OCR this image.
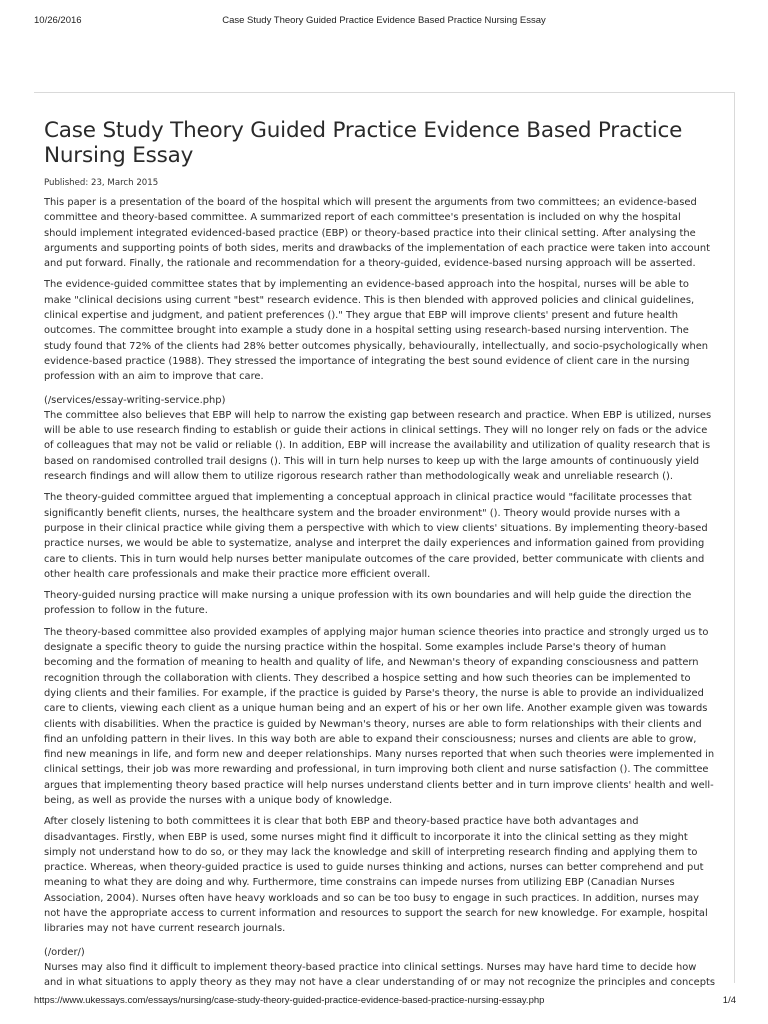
10/26/2016	Case Study Theory Guided Practice Evidence Based Practice Nursing Essay
Case Study Theory Guided Practice Evidence Based Practice Nursing Essay

Published: 23, March 2015

This paper is a presentation of the board of the hospital which will present the arguments from two committees; an evidence-based committee and theory-based committee. A summarized report of each committee's presentation is included on why the hospital should implement integrated evidenced-based practice (EBP) or theory-based practice into their clinical setting. After analysing the arguments and supporting points of both sides, merits and drawbacks of the implementation of each practice were taken into account and put forward. Finally, the rationale and recommendation for a theory-guided, evidence-based nursing approach will be asserted.

The evidence-guided committee states that by implementing an evidence-based approach into the hospital, nurses will be able to make "clinical decisions using current "best" research evidence. This is then blended with approved policies and clinical guidelines, clinical expertise and judgment, and patient preferences ()." They argue that EBP will improve clients' present and future health outcomes. The committee brought into example a study done in a hospital setting using research-based nursing intervention. The study found that 72% of the clients had 28% better outcomes physically, behaviourally, intellectually, and socio-psychologically when evidence-based practice (1988). They stressed the importance of integrating the best sound evidence of client care in the nursing profession with an aim to improve that care.

(/services/essay-writing-service.php)
The committee also believes that EBP will help to narrow the existing gap between research and practice. When EBP is utilized, nurses will be able to use research finding to establish or guide their actions in clinical settings. They will no longer rely on fads or the advice of colleagues that may not be valid or reliable (). In addition, EBP will increase the availability and utilization of quality research that is based on randomised controlled trail designs (). This will in turn help nurses to keep up with the large amounts of continuously yield research findings and will allow them to utilize rigorous research rather than methodologically weak and unreliable research ().

The theory-guided committee argued that implementing a conceptual approach in clinical practice would "facilitate processes that significantly benefit clients, nurses, the healthcare system and the broader environment" (). Theory would provide nurses with a purpose in their clinical practice while giving them a perspective with which to view clients' situations. By implementing theory-based practice nurses, we would be able to systematize, analyse and interpret the daily experiences and information gained from providing care to clients. This in turn would help nurses better manipulate outcomes of the care provided, better communicate with clients and other health care professionals and make their practice more efficient overall.

Theory-guided nursing practice will make nursing a unique profession with its own boundaries and will help guide the direction the profession to follow in the future.

The theory-based committee also provided examples of applying major human science theories into practice and strongly urged us to designate a specific theory to guide the nursing practice within the hospital. Some examples include Parse's theory of human becoming and the formation of meaning to health and quality of life, and Newman's theory of expanding consciousness and pattern recognition through the collaboration with clients. They described a hospice setting and how such theories can be implemented to dying clients and their families. For example, if the practice is guided by Parse's theory, the nurse is able to provide an individualized care to clients, viewing each client as a unique human being and an expert of his or her own life. Another example given was towards clients with disabilities. When the practice is guided by Newman's theory, nurses are able to form relationships with their clients and find an unfolding pattern in their lives. In this way both are able to expand their consciousness; nurses and clients are able to grow, find new meanings in life, and form new and deeper relationships. Many nurses reported that when such theories were implemented in clinical settings, their job was more rewarding and professional, in turn improving both client and nurse satisfaction (). The committee argues that implementing theory based practice will help nurses understand clients better and in turn improve clients' health and well-being, as well as provide the nurses with a unique body of knowledge.

After closely listening to both committees it is clear that both EBP and theory-based practice have both advantages and disadvantages. Firstly, when EBP is used, some nurses might find it difficult to incorporate it into the clinical setting as they might simply not understand how to do so, or they may lack the knowledge and skill of interpreting research finding and applying them to practice. Whereas, when theory-guided practice is used to guide nurses thinking and actions, nurses can better comprehend and put meaning to what they are doing and why. Furthermore, time constrains can impede nurses from utilizing EBP (Canadian Nurses Association, 2004). Nurses often have heavy workloads and so can be too busy to engage in such practices. In addition, nurses may not have the appropriate access to current information and resources to support the search for new knowledge. For example, hospital libraries may not have current research journals.

(/order/)
Nurses may also find it difficult to implement theory-based practice into clinical settings. Nurses may have hard time to decide how and in what situations to apply theory as they may not have a clear understanding of or may not recognize the principles and concepts
https://www.ukessays.com/essays/nursing/case-study-theory-guided-practice-evidence-based-practice-nursing-essay.php	1/4
